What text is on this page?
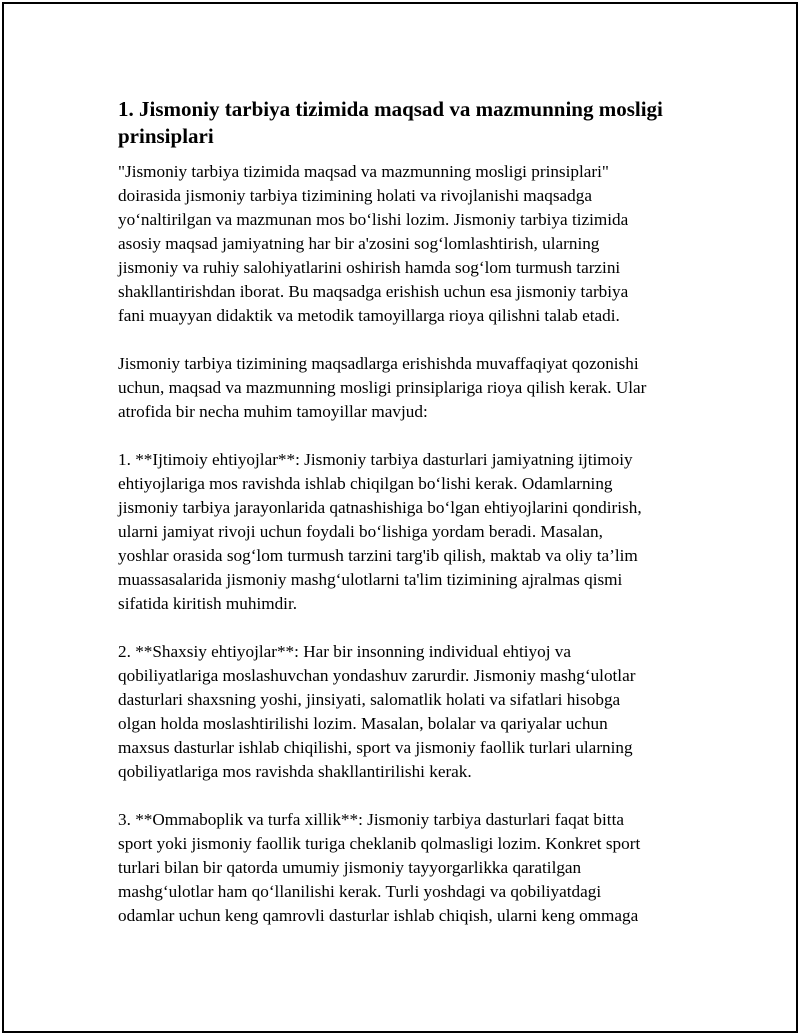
1. Jismoniy tarbiya tizimida maqsad va mazmunning mosligi prinsiplari

"Jismoniy tarbiya tizimida maqsad va mazmunning mosligi prinsiplari"
doirasida jismoniy tarbiya tizimining holati va rivojlanishi maqsadga
yo‘naltirilgan va mazmunan mos bo‘lishi lozim. Jismoniy tarbiya tizimida
asosiy maqsad jamiyatning har bir a'zosini sog‘lomlashtirish, ularning
jismoniy va ruhiy salohiyatlarini oshirish hamda sog‘lom turmush tarzini
shakllantirishdan iborat. Bu maqsadga erishish uchun esa jismoniy tarbiya
fani muayyan didaktik va metodik tamoyillarga rioya qilishni talab etadi.

Jismoniy tarbiya tizimining maqsadlarga erishishda muvaffaqiyat qozonishi
uchun, maqsad va mazmunning mosligi prinsiplariga rioya qilish kerak. Ular
atrofida bir necha muhim tamoyillar mavjud:

1. **Ijtimoiy ehtiyojlar**: Jismoniy tarbiya dasturlari jamiyatning ijtimoiy
ehtiyojlariga mos ravishda ishlab chiqilgan bo‘lishi kerak. Odamlarning
jismoniy tarbiya jarayonlarida qatnashishiga bo‘lgan ehtiyojlarini qondirish,
ularni jamiyat rivoji uchun foydali bo‘lishiga yordam beradi. Masalan,
yoshlar orasida sog‘lom turmush tarzini targ'ib qilish, maktab va oliy ta’lim
muassasalarida jismoniy mashg‘ulotlarni ta'lim tizimining ajralmas qismi
sifatida kiritish muhimdir.

2. **Shaxsiy ehtiyojlar**: Har bir insonning individual ehtiyoj va
qobiliyatlariga moslashuvchan yondashuv zarurdir. Jismoniy mashg‘ulotlar
dasturlari shaxsning yoshi, jinsiyati, salomatlik holati va sifatlari hisobga
olgan holda moslashtirilishi lozim. Masalan, bolalar va qariyalar uchun
maxsus dasturlar ishlab chiqilishi, sport va jismoniy faollik turlari ularning
qobiliyatlariga mos ravishda shakllantirilishi kerak.

3. **Ommaboplik va turfa xillik**: Jismoniy tarbiya dasturlari faqat bitta
sport yoki jismoniy faollik turiga cheklanib qolmasligi lozim. Konkret sport
turlari bilan bir qatorda umumiy jismoniy tayyorgarlikka qaratilgan
mashg‘ulotlar ham qo‘llanilishi kerak. Turli yoshdagi va qobiliyatdagi
odamlar uchun keng qamrovli dasturlar ishlab chiqish, ularni keng ommaga
